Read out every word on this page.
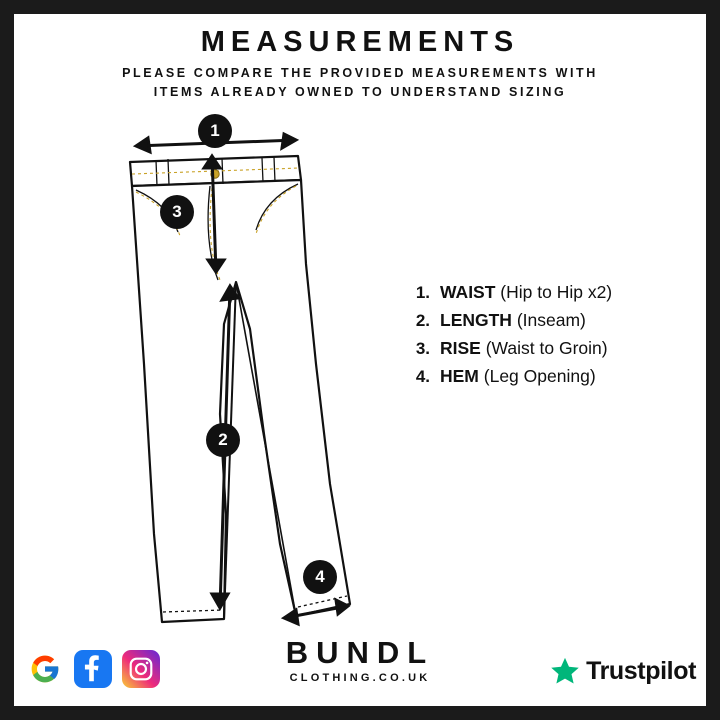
MEASUREMENTS
PLEASE COMPARE THE PROVIDED MEASUREMENTS WITH
ITEMS ALREADY OWNED TO UNDERSTAND SIZING
1
2
3
4
1. WAIST (Hip to Hip x2)
2. LENGTH (Inseam)
3. RISE (Waist to Groin)
4. HEM (Leg Opening)
BUNDL
CLOTHING.CO.UK	Trustpilot
